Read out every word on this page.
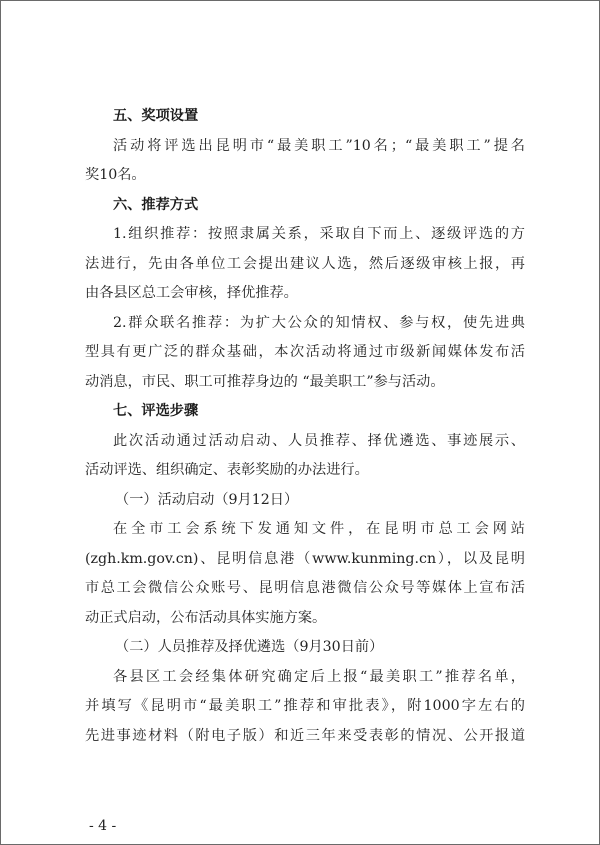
五、奖项设置
活动将评选出昆明市“最美职工”10名；“最美职工”提名
奖10名。
六、推荐方式
1.组织推荐：按照隶属关系，采取自下而上、逐级评选的方
法进行，先由各单位工会提出建议人选，然后逐级审核上报，再
由各县区总工会审核，择优推荐。
2.群众联名推荐：为扩大公众的知情权、参与权，使先进典
型具有更广泛的群众基础，本次活动将通过市级新闻媒体发布活
动消息，市民、职工可推荐身边的 “最美职工”参与活动。
七、评选步骤
此次活动通过活动启动、人员推荐、择优遴选、事迹展示、
活动评选、组织确定、表彰奖励的办法进行。
（一）活动启动（9月12日）
在全市工会系统下发通知文件，在昆明市总工会网站
(zgh.km.gov.cn)、昆明信息港（www.kunming.cn），以及昆明
市总工会微信公众账号、昆明信息港微信公众号等媒体上宣布活
动正式启动，公布活动具体实施方案。
（二）人员推荐及择优遴选（9月30日前）
各县区工会经集体研究确定后上报“最美职工”推荐名单，
并填写《昆明市“最美职工”推荐和审批表》，附1000字左右的
先进事迹材料（附电子版）和近三年来受表彰的情况、公开报道
- 4 -
